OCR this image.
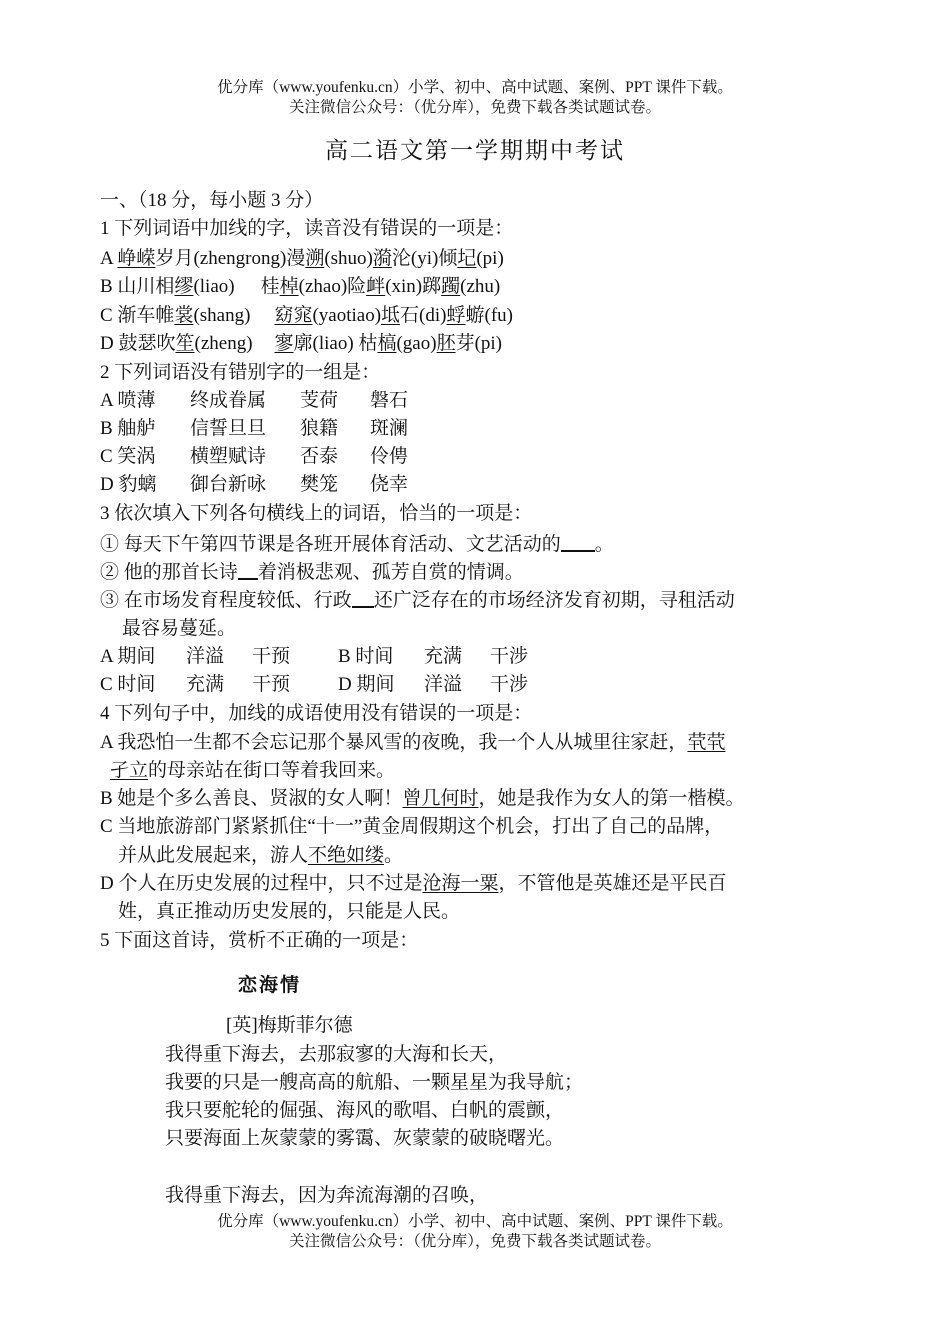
优分库（www.youfenku.cn）小学、初中、高中试题、案例、PPT 课件下载。
关注微信公众号：（优分库），免费下载各类试题试卷。
高二语文第一学期期中考试
一、（18 分，每小题 3 分）
1 下列词语中加线的字，读音没有错误的一项是：
A 峥嵘岁月(zhengrong)漫溯(shuo)漪沦(yi)倾圮(pi)
B 山川相缪(liao) 桂棹(zhao)险衅(xin)踯躅(zhu)
C 渐车帷裳(shang) 窈窕(yaotiao)坻石(di)蜉蝣(fu)
D 鼓瑟吹笙(zheng) 寥廓(liao) 枯槁(gao)胚芽(pi)
2 下列词语没有错别字的一组是：
A 喷薄 终成眷属 芰荷 磐石
B 舳舻 信誓旦旦 狼籍 斑澜
C 笑涡 横塑赋诗 否泰 伶俜
D 豹螭 御台新咏 樊笼 侥幸
3 依次填入下列各句横线上的词语，恰当的一项是：
① 每天下午第四节课是各班开展体育活动、文艺活动的 。
② 他的那首长诗 着消极悲观、孤芳自赏的情调。
③ 在市场发育程度较低、行政 还广泛存在的市场经济发育初期，寻租活动
最容易蔓延。
A 期间 洋溢 干预	B 时间 充满 干涉
C 时间 充满 干预	D 期间 洋溢 干涉
4 下列句子中，加线的成语使用没有错误的一项是：
A 我恐怕一生都不会忘记那个暴风雪的夜晚，我一个人从城里往家赶，茕茕
孑立的母亲站在街口等着我回来。
B 她是个多么善良、贤淑的女人啊！曾几何时，她是我作为女人的第一楷模。
C 当地旅游部门紧紧抓住“十一”黄金周假期这个机会，打出了自己的品牌，
并从此发展起来，游人不绝如缕。
D 个人在历史发展的过程中，只不过是沧海一粟，不管他是英雄还是平民百
姓，真正推动历史发展的，只能是人民。
5 下面这首诗，赏析不正确的一项是：
恋海情
[英]梅斯菲尔德
我得重下海去，去那寂寥的大海和长天，
我要的只是一艘高高的航船、一颗星星为我导航；
我只要舵轮的倔强、海风的歌唱、白帆的震颤，
只要海面上灰蒙蒙的雾霭、灰蒙蒙的破晓曙光。
我得重下海去，因为奔流海潮的召唤，
优分库（www.youfenku.cn）小学、初中、高中试题、案例、PPT 课件下载。
关注微信公众号：（优分库），免费下载各类试题试卷。
